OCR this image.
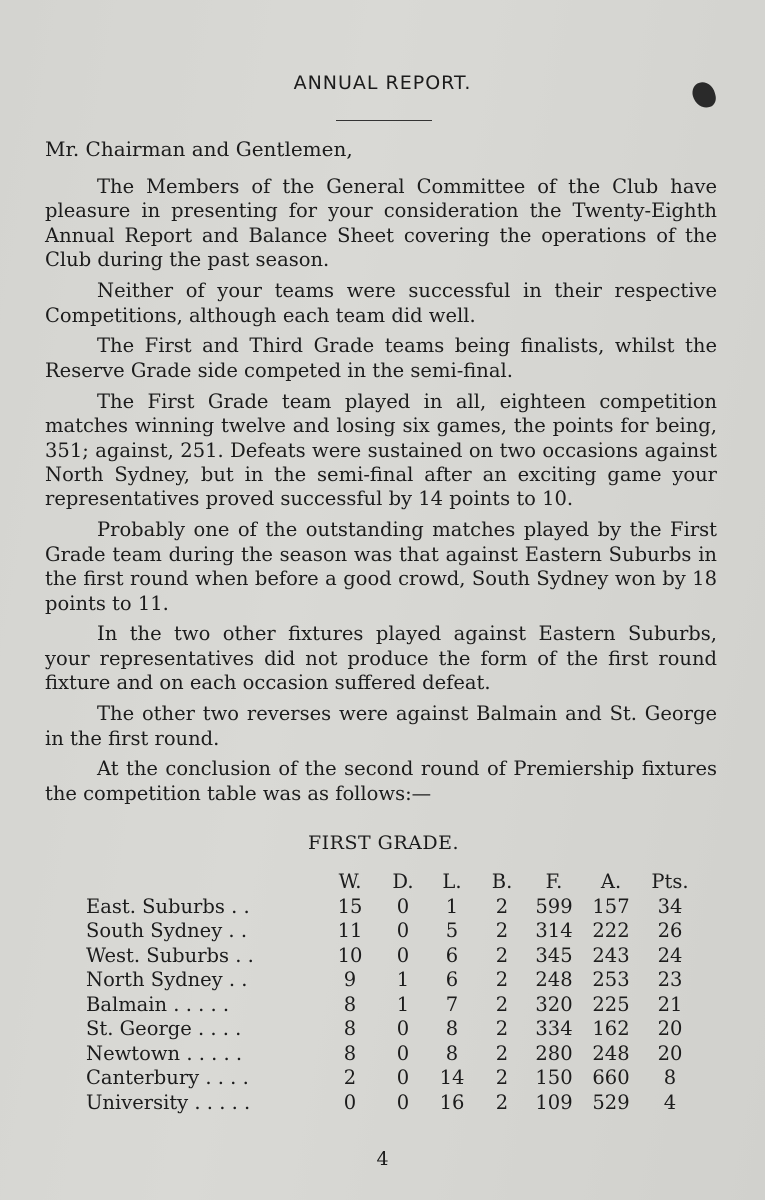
ANNUAL REPORT.
Mr. Chairman and Gentlemen,

The Members of the General Committee of the Club have pleasure in presenting for your consideration the Twenty-Eighth Annual Report and Balance Sheet covering the operations of the Club during the past season.

Neither of your teams were successful in their respective Competitions, although each team did well.

The First and Third Grade teams being finalists, whilst the Reserve Grade side competed in the semi-final.

The First Grade team played in all, eighteen competition matches winning twelve and losing six games, the points for being, 351; against, 251. Defeats were sustained on two occasions against North Sydney, but in the semi-final after an exciting game your representatives proved successful by 14 points to 10.

Probably one of the outstanding matches played by the First Grade team during the season was that against Eastern Suburbs in the first round when before a good crowd, South Sydney won by 18 points to 11.

In the two other fixtures played against Eastern Suburbs, your representatives did not produce the form of the first round fixture and on each occasion suffered defeat.

The other two reverses were against Balmain and St. George in the first round.

At the conclusion of the second round of Premiership fixtures the competition table was as follows:—

FIRST GRADE.
	W.	D.	L.	B.	F.	A.	Pts.
East. Suburbs . .	15	0	1	2	599	157	34
South Sydney . .	11	0	5	2	314	222	26
West. Suburbs . .	10	0	6	2	345	243	24
North Sydney . .	9	1	6	2	248	253	23
Balmain . . . . .	8	1	7	2	320	225	21
St. George . . . .	8	0	8	2	334	162	20
Newtown . . . . .	8	0	8	2	280	248	20
Canterbury . . . .	2	0	14	2	150	660	8
University . . . . .	0	0	16	2	109	529	4
4
